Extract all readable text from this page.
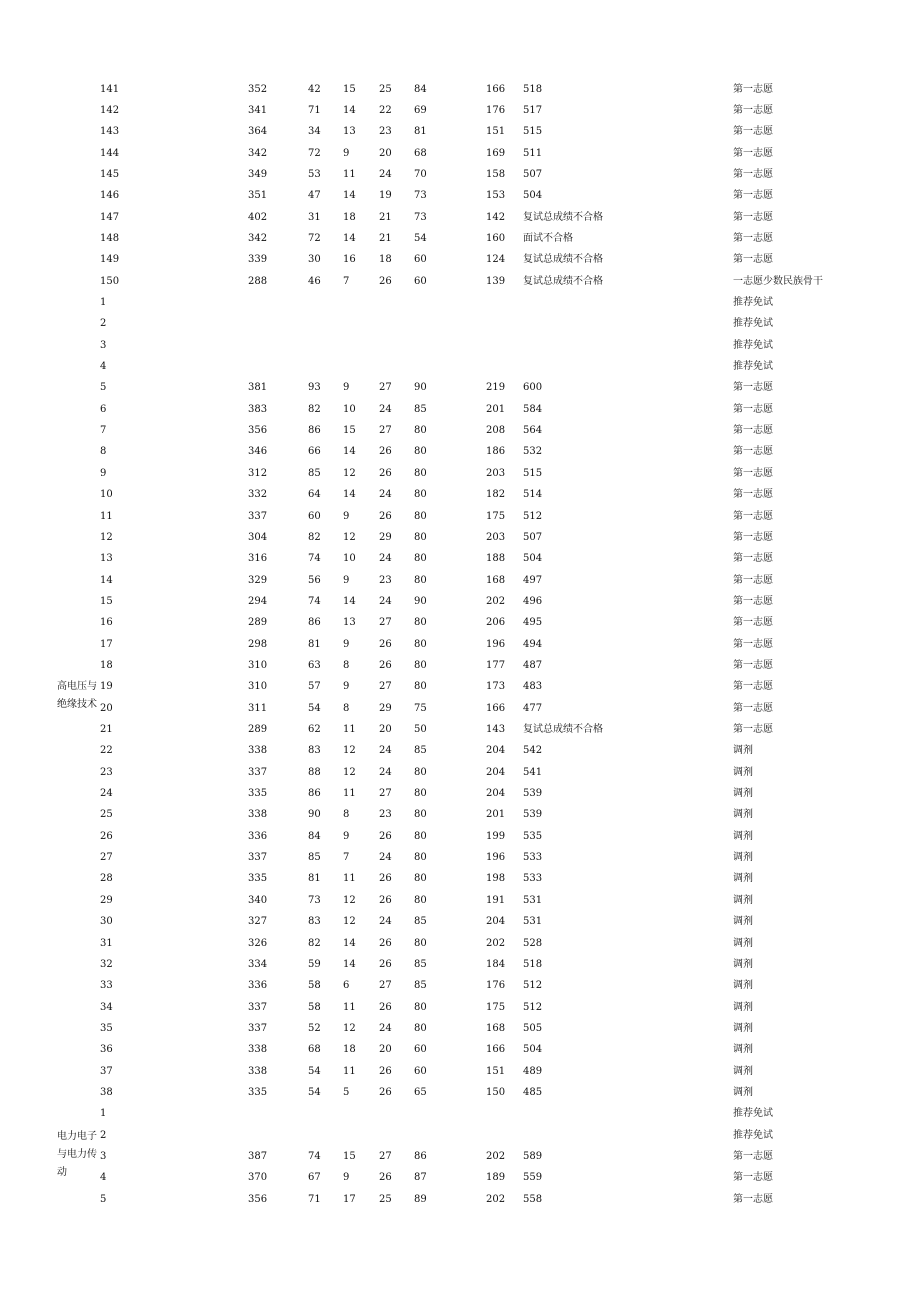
高电压与绝缘技术
电力电子与电力传动
141	352	42 15 25 84	166 518	第一志愿
142	341	71 14 22 69	176 517	第一志愿
143	364	34 13 23 81	151 515	第一志愿
144	342	72 9	20 68	169 511	第一志愿
145	349	53 11 24 70	158 507	第一志愿
146	351	47 14 19 73	153 504	第一志愿
147	402	31 18 21 73	142 复试总成绩不合格	第一志愿
148	342	72 14 21 54	160 面试不合格	第一志愿
149	339	30 16 18 60	124 复试总成绩不合格	第一志愿
150	288	46 7	26 60	139 复试总成绩不合格	一志愿少数民族骨干
1	推荐免试
2	推荐免试
3	推荐免试
4	推荐免试
5	381	93 9	27 90	219 600	第一志愿
6	383	82 10 24 85	201 584	第一志愿
7	356	86 15 27 80	208 564	第一志愿
8	346	66 14 26 80	186 532	第一志愿
9	312	85 12 26 80	203 515	第一志愿
10	332	64 14 24 80	182 514	第一志愿
11	337	60 9	26 80	175 512	第一志愿
12	304	82 12 29 80	203 507	第一志愿
13	316	74 10 24 80	188 504	第一志愿
14	329	56 9	23 80	168 497	第一志愿
15	294	74 14 24 90	202 496	第一志愿
16	289	86 13 27 80	206 495	第一志愿
17	298	81 9	26 80	196 494	第一志愿
18	310	63 8	26 80	177 487	第一志愿
19	310	57 9	27 80	173 483	第一志愿
20	311	54 8	29 75	166 477	第一志愿
21	289	62 11 20 50	143 复试总成绩不合格	第一志愿
22	338	83 12 24 85	204 542	调剂
23	337	88 12 24 80	204 541	调剂
24	335	86 11 27 80	204 539	调剂
25	338	90 8	23 80	201 539	调剂
26	336	84 9	26 80	199 535	调剂
27	337	85 7	24 80	196 533	调剂
28	335	81 11 26 80	198 533	调剂
29	340	73 12 26 80	191 531	调剂
30	327	83 12 24 85	204 531	调剂
31	326	82 14 26 80	202 528	调剂
32	334	59 14 26 85	184 518	调剂
33	336	58 6	27 85	176 512	调剂
34	337	58 11 26 80	175 512	调剂
35	337	52 12 24 80	168 505	调剂
36	338	68 18 20 60	166 504	调剂
37	338	54 11 26 60	151 489	调剂
38	335	54 5	26 65	150 485	调剂
1	推荐免试
2	推荐免试
3	387	74 15 27 86	202 589	第一志愿
4	370	67 9	26 87	189 559	第一志愿
5	356	71 17 25 89	202 558	第一志愿
